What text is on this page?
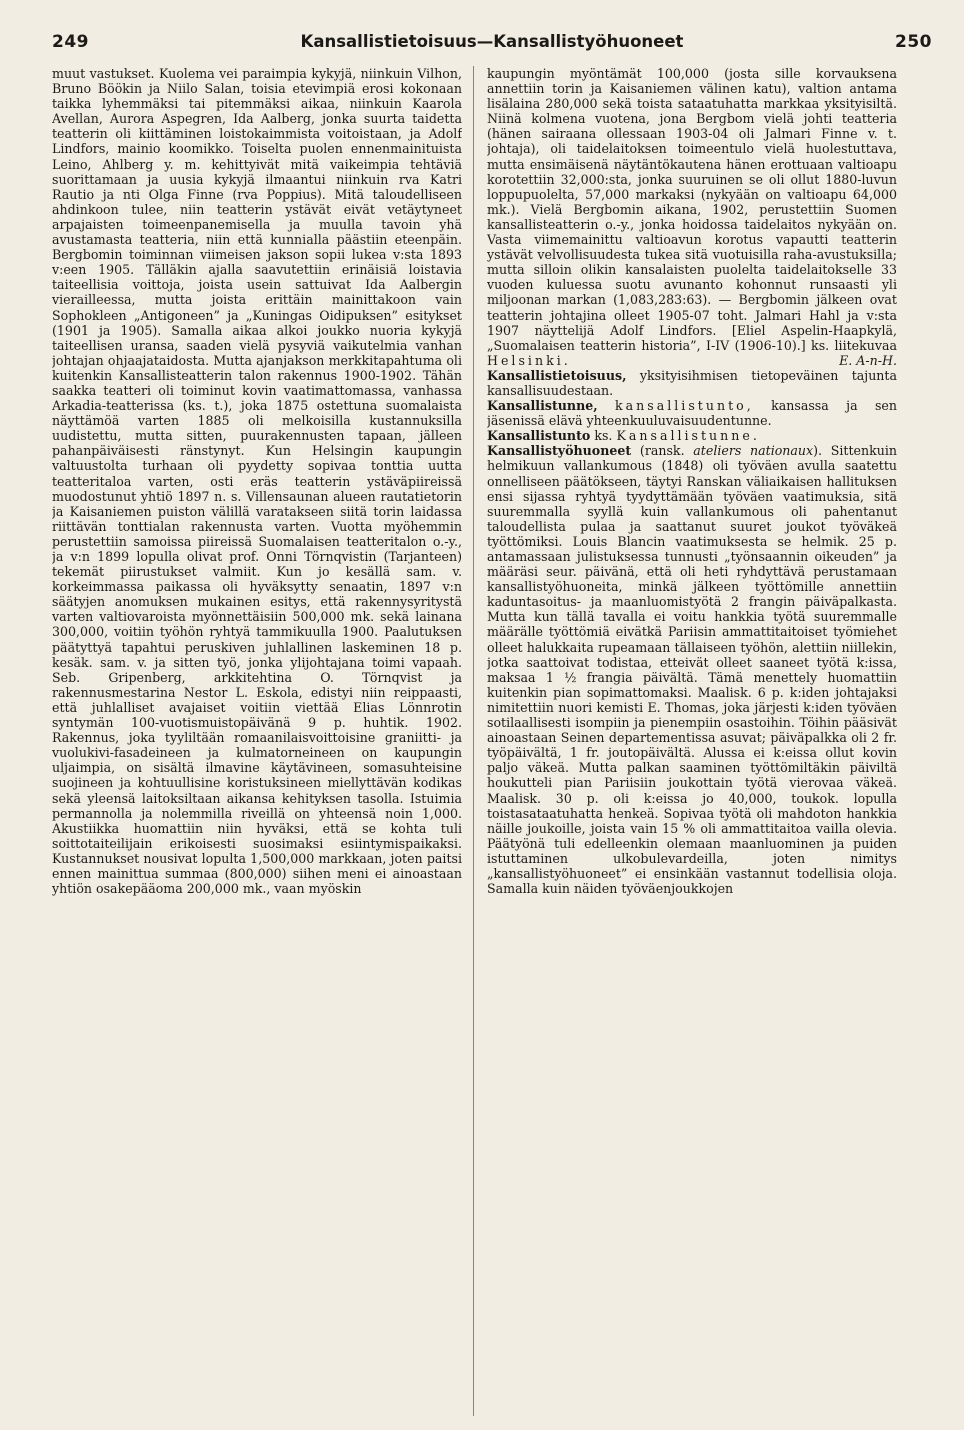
249	Kansallistietoisuus—Kansallistyöhuoneet	250

muut vastukset. Kuolema vei paraimpia kykyjä, niinkuin Vilhon, Bruno Böökin ja Niilo Salan, toisia etevimpiä erosi kokonaan taikka lyhemmäksi tai pitemmäksi aikaa, niinkuin Kaarola Avellan, Aurora Aspegren, Ida Aalberg, jonka suurta taidetta teatterin oli kiittäminen loistokaimmista voitoistaan, ja Adolf Lindfors, mainio koomikko. Toiselta puolen ennenmainituista Leino, Ahlberg y. m. kehittyivät mitä vaikeimpia tehtäviä suorittamaan ja uusia kykyjä ilmaantui niinkuin rva Katri Rautio ja nti Olga Finne (rva Poppius). Mitä taloudelliseen ahdinkoon tulee, niin teatterin ystävät eivät vetäytyneet arpajaisten toimeenpanemisella ja muulla tavoin yhä avustamasta teatteria, niin että kunnialla päästiin eteenpäin. Bergbomin toiminnan viimeisen jakson sopii lukea v:sta 1893 v:een 1905. Tälläkin ajalla saavutettiin erinäisiä loistavia taiteellisia voittoja, joista usein sattuivat Ida Aalbergin vierailleessa, mutta joista erittäin mainittakoon vain Sophokleen „Antigoneen” ja „Kuningas Oidipuksen” esitykset (1901 ja 1905). Samalla aikaa alkoi joukko nuoria kykyjä taiteellisen uransa, saaden vielä pysyviä vaikutelmia vanhan johtajan ohjaajataidosta. Mutta ajanjakson merkkitapahtuma oli kuitenkin Kansallisteatterin talon rakennus 1900-1902. Tähän saakka teatteri oli toiminut kovin vaatimattomassa, vanhassa Arkadia-teatterissa (ks. t.), joka 1875 ostettuna suomalaista näyttämöä varten 1885 oli melkoisilla kustannuksilla uudistettu, mutta sitten, puurakennusten tapaan, jälleen pahanpäiväisesti ränstynyt. Kun Helsingin kaupungin valtuustolta turhaan oli pyydetty sopivaa tonttia uutta teatteritaloa varten, osti eräs teatterin ystäväpiireissä muodostunut yhtiö 1897 n. s. Villensaunan alueen rautatietorin ja Kaisaniemen puiston välillä varatakseen siitä torin laidassa riittävän tonttialan rakennusta varten. Vuotta myöhemmin perustettiin samoissa piireissä Suomalaisen teatteritalon o.-y., ja v:n 1899 lopulla olivat prof. Onni Törnqvistin (Tarjanteen) tekemät piirustukset valmiit. Kun jo kesällä sam. v. korkeimmassa paikassa oli hyväksytty senaatin, 1897 v:n säätyjen anomuksen mukainen esitys, että rakennysyritystä varten valtiovaroista myönnettäisiin 500,000 mk. sekä lainana 300,000, voitiin työhön ryhtyä tammikuulla 1900. Paalutuksen päätyttyä tapahtui peruskiven juhlallinen laskeminen 18 p. kesäk. sam. v. ja sitten työ, jonka ylijohtajana toimi vapaah. Seb. Gripenberg, arkkitehtina O. Törnqvist ja rakennusmestarina Nestor L. Eskola, edistyi niin reippaasti, että juhlalliset avajaiset voitiin viettää Elias Lönnrotin syntymän 100-vuotismuistopäivänä 9 p. huhtik. 1902. Rakennus, joka tyyliltään romaanilaisvoittoisine graniitti- ja vuolukivi-fasadeineen ja kulmatorneineen on kaupungin uljaimpia, on sisältä ilmavine käytävineen, somasuhteisine suojineen ja kohtuullisine koristuksineen miellyttävän kodikas sekä yleensä laitoksiltaan aikansa kehityksen tasolla. Istuimia permannolla ja nolemmilla riveillä on yhteensä noin 1,000. Akustiikka huomattiin niin hyväksi, että se kohta tuli soittotaiteilijain erikoisesti suosimaksi esiintymispaikaksi. Kustannukset nousivat lopulta 1,500,000 markkaan, joten paitsi ennen mainittua summaa (800,000) siihen meni ei ainoastaan yhtiön osakepääoma 200,000 mk., vaan myöskin

kaupungin myöntämät 100,000 (josta sille korvauksena annettiin torin ja Kaisaniemen välinen katu), valtion antama lisälaina 280,000 sekä toista sataatuhatta markkaa yksityisiltä. Niinä kolmena vuotena, jona Bergbom vielä johti teatteria (hänen sairaana ollessaan 1903-04 oli Jalmari Finne v. t. johtaja), oli taidelaitoksen toimeentulo vielä huolestuttava, mutta ensimäisenä näytäntökautena hänen erottuaan valtioapu korotettiin 32,000:sta, jonka suuruinen se oli ollut 1880-luvun loppupuolelta, 57,000 markaksi (nykyään on valtioapu 64,000 mk.). Vielä Bergbomin aikana, 1902, perustettiin Suomen kansallisteatterin o.-y., jonka hoidossa taidelaitos nykyään on. Vasta viimemainittu valtioavun korotus vapautti teatterin ystävät velvollisuudesta tukea sitä vuotuisilla raha-avustuksilla; mutta silloin olikin kansalaisten puolelta taidelaitokselle 33 vuoden kuluessa suotu avunanto kohonnut runsaasti yli miljoonan markan (1,083,283:63). — Bergbomin jälkeen ovat teatterin johtajina olleet 1905-07 toht. Jalmari Hahl ja v:sta 1907 näyttelijä Adolf Lindfors. [Eliel Aspelin-Haapkylä, „Suomalaisen teatterin historia”, I-IV (1906-10).] ks. liitekuvaa Helsinki.	E. A-n-H.

Kansallistietoisuus, yksityisihmisen tietopeväinen tajunta kansallisuudestaan.

Kansallistunne, kansallistunto, kansassa ja sen jäsenissä elävä yhteenkuuluvaisuudentunne.

Kansallistunto ks. Kansallistunne.

Kansallistyöhuoneet (ransk. ateliers nationaux). Sittenkuin helmikuun vallankumous (1848) oli työväen avulla saatettu onnelliseen päätökseen, täytyi Ranskan väliaikaisen hallituksen ensi sijassa ryhtyä tyydyttämään työväen vaatimuksia, sitä suuremmalla syyllä kuin vallankumous oli pahentanut taloudellista pulaa ja saattanut suuret joukot työväkeä työttömiksi. Louis Blancin vaatimuksesta se helmik. 25 p. antamassaan julistuksessa tunnusti „työnsaannin oikeuden” ja määräsi seur. päivänä, että oli heti ryhdyttävä perustamaan kansallistyöhuoneita, minkä jälkeen työttömille annettiin kaduntasoitus- ja maanluomistyötä 2 frangin päiväpalkasta. Mutta kun tällä tavalla ei voitu hankkia työtä suuremmalle määrälle työttömiä eivätkä Pariisin ammattitaitoiset työmiehet olleet halukkaita rupeamaan tällaiseen työhön, alettiin niillekin, jotka saattoivat todistaa, etteivät olleet saaneet työtä k:issa, maksaa 1 ½ frangia päivältä. Tämä menettely huomattiin kuitenkin pian sopimattomaksi. Maalisk. 6 p. k:iden johtajaksi nimitettiin nuori kemisti E. Thomas, joka järjesti k:iden työväen sotilaallisesti isompiin ja pienempiin osastoihin. Töihin pääsivät ainoastaan Seinen departementissa asuvat; päiväpalkka oli 2 fr. työpäivältä, 1 fr. joutopäivältä. Alussa ei k:eissa ollut kovin paljo väkeä. Mutta palkan saaminen työttömiltäkin päiviltä houkutteli pian Pariisiin joukottain työtä vierovaa väkeä. Maalisk. 30 p. oli k:eissa jo 40,000, toukok. lopulla toistasataatuhatta henkeä. Sopivaa työtä oli mahdoton hankkia näille joukoille, joista vain 15 % oli ammattitaitoa vailla olevia. Päätyönä tuli edelleenkin olemaan maanluominen ja puiden istuttaminen ulkobulevardeilla, joten nimitys „kansallistyöhuoneet” ei ensinkään vastannut todellisia oloja. Samalla kuin näiden työväenjoukkojen
